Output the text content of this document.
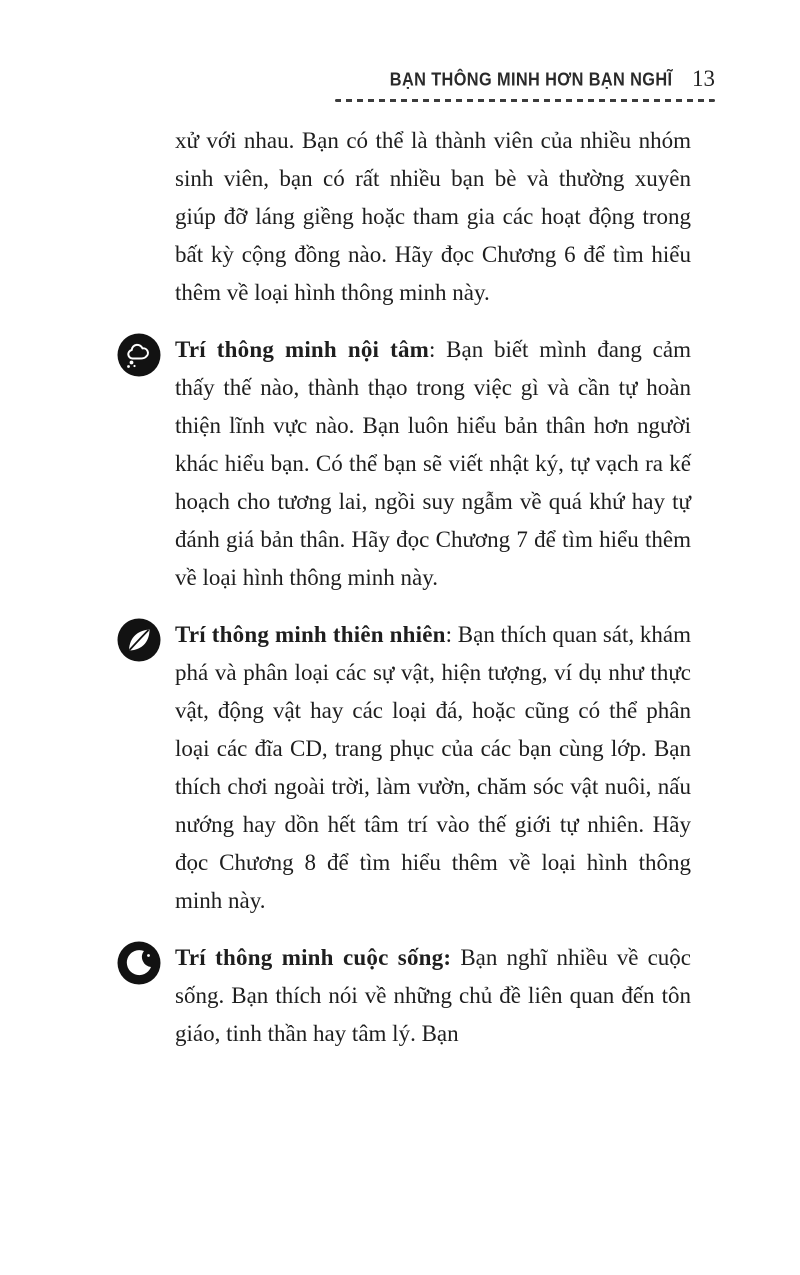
BẠN THÔNG MINH HƠN BẠN NGHĨ 13

xử với nhau. Bạn có thể là thành viên của nhiều nhóm sinh viên, bạn có rất nhiều bạn bè và thường xuyên giúp đỡ láng giềng hoặc tham gia các hoạt động trong bất kỳ cộng đồng nào. Hãy đọc Chương 6 để tìm hiểu thêm về loại hình thông minh này.

Trí thông minh nội tâm: Bạn biết mình đang cảm thấy thế nào, thành thạo trong việc gì và cần tự hoàn thiện lĩnh vực nào. Bạn luôn hiểu bản thân hơn người khác hiểu bạn. Có thể bạn sẽ viết nhật ký, tự vạch ra kế hoạch cho tương lai, ngồi suy ngẫm về quá khứ hay tự đánh giá bản thân. Hãy đọc Chương 7 để tìm hiểu thêm về loại hình thông minh này.

Trí thông minh thiên nhiên: Bạn thích quan sát, khám phá và phân loại các sự vật, hiện tượng, ví dụ như thực vật, động vật hay các loại đá, hoặc cũng có thể phân loại các đĩa CD, trang phục của các bạn cùng lớp. Bạn thích chơi ngoài trời, làm vườn, chăm sóc vật nuôi, nấu nướng hay dồn hết tâm trí vào thế giới tự nhiên. Hãy đọc Chương 8 để tìm hiểu thêm về loại hình thông minh này.

Trí thông minh cuộc sống: Bạn nghĩ nhiều về cuộc sống. Bạn thích nói về những chủ đề liên quan đến tôn giáo, tinh thần hay tâm lý. Bạn
